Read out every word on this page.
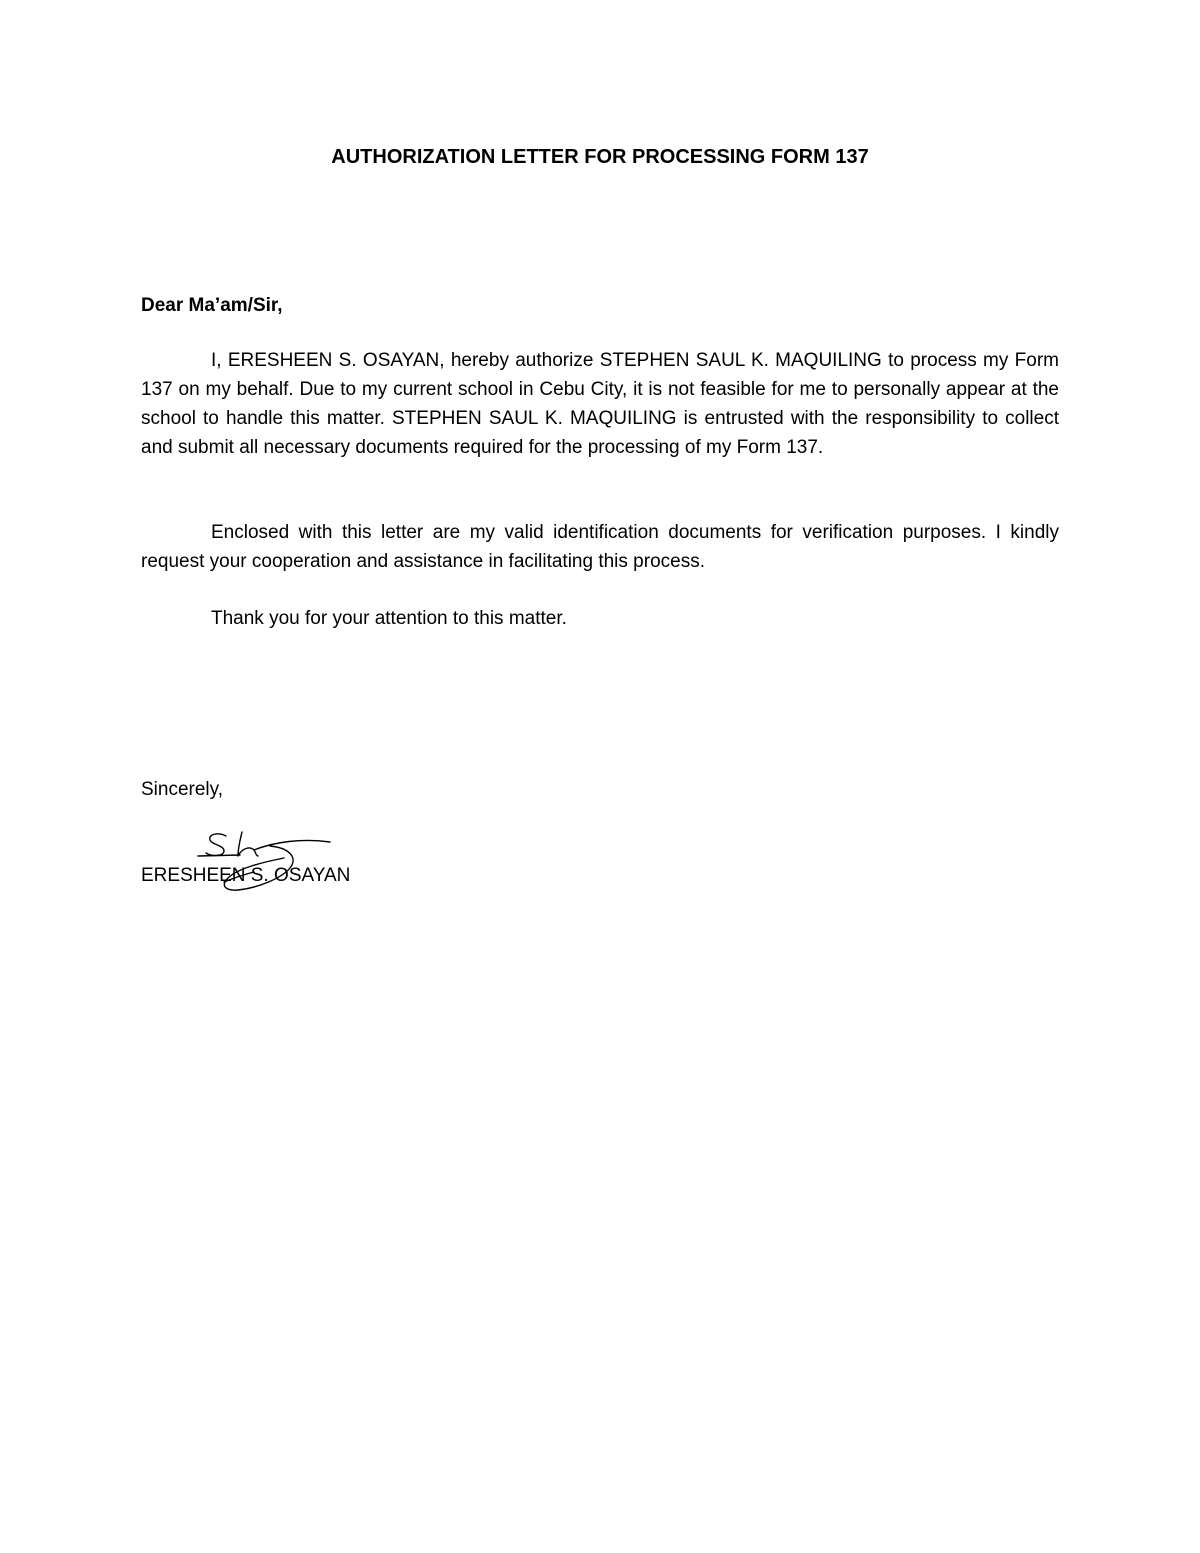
AUTHORIZATION LETTER FOR PROCESSING FORM 137
Dear Ma’am/Sir,

I, ERESHEEN S. OSAYAN, hereby authorize STEPHEN SAUL K. MAQUILING to process my Form 137 on my behalf. Due to my current school in Cebu City, it is not feasible for me to personally appear at the school to handle this matter. STEPHEN SAUL K. MAQUILING is entrusted with the responsibility to collect and submit all necessary documents required for the processing of my Form 137.

Enclosed with this letter are my valid identification documents for verification purposes. I kindly request your cooperation and assistance in facilitating this process.

Thank you for your attention to this matter.

Sincerely,
ERESHEEN S. OSAYAN
